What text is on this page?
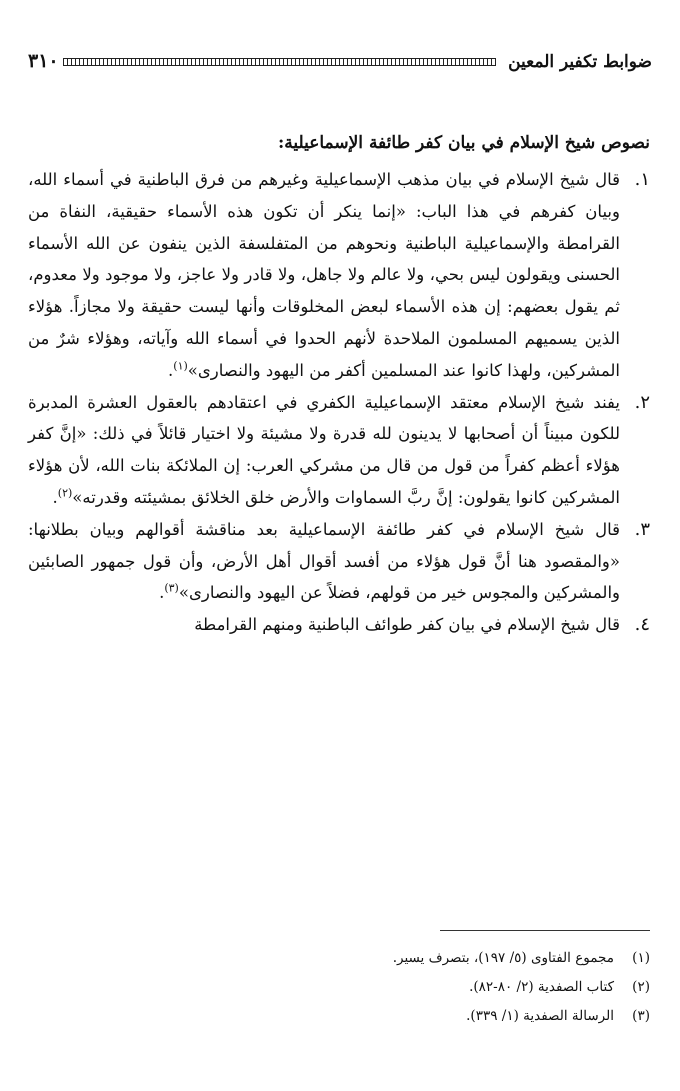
ضوابط تكفير المعين
٣١٠
نصوص شيخ الإسلام في بيان كفر طائفة الإسماعيلية:
١.
قال شيخ الإسلام في بيان مذهب الإسماعيلية وغيرهم من فرق الباطنية في أسماء الله، وبيان كفرهم في هذا الباب: «إنما ينكر أن تكون هذه الأسماء حقيقية، النفاة من القرامطة والإسماعيلية الباطنية ونحوهم من المتفلسفة الذين ينفون عن الله الأسماء الحسنى ويقولون ليس بحي، ولا عالم ولا جاهل، ولا قادر ولا عاجز، ولا موجود ولا معدوم، ثم يقول بعضهم: إن هذه الأسماء لبعض المخلوقات وأنها ليست حقيقة ولا مجازاً. هؤلاء الذين يسميهم المسلمون الملاحدة لأنهم الحدوا في أسماء الله وآياته، وهؤلاء شرٌ من المشركين، ولهذا كانوا عند المسلمين أكفر من اليهود والنصارى»$^{(١)}$.
٢.
يفند شيخ الإسلام معتقد الإسماعيلية الكفري في اعتقادهم بالعقول العشرة المدبرة للكون مبيناً أن أصحابها لا يدينون لله قدرة ولا مشيئة ولا اختيار قائلاً في ذلك: «إنَّ كفر هؤلاء أعظم كفراً من قول من قال من مشركي العرب: إن الملائكة بنات الله، لأن هؤلاء المشركين كانوا يقولون: إنَّ ربَّ السماوات والأرض خلق الخلائق بمشيئته وقدرته»$^{(٢)}$.
٣.
قال شيخ الإسلام في كفر طائفة الإسماعيلية بعد مناقشة أقوالهم وبيان بطلانها: «والمقصود هنا أنَّ قول هؤلاء من أفسد أقوال أهل الأرض، وأن قول جمهور الصابئين والمشركين والمجوس خير من قولهم، فضلاً عن اليهود والنصارى»$^{(٣)}$.
٤.
قال شيخ الإسلام في بيان كفر طوائف الباطنية ومنهم القرامطة
(١)
مجموع الفتاوى (٥/ ١٩٧)، بتصرف يسير.
(٢)
كتاب الصفدية (٢/ ٨٠-٨٢).
(٣)
الرسالة الصفدية (١/ ٣٣٩).
